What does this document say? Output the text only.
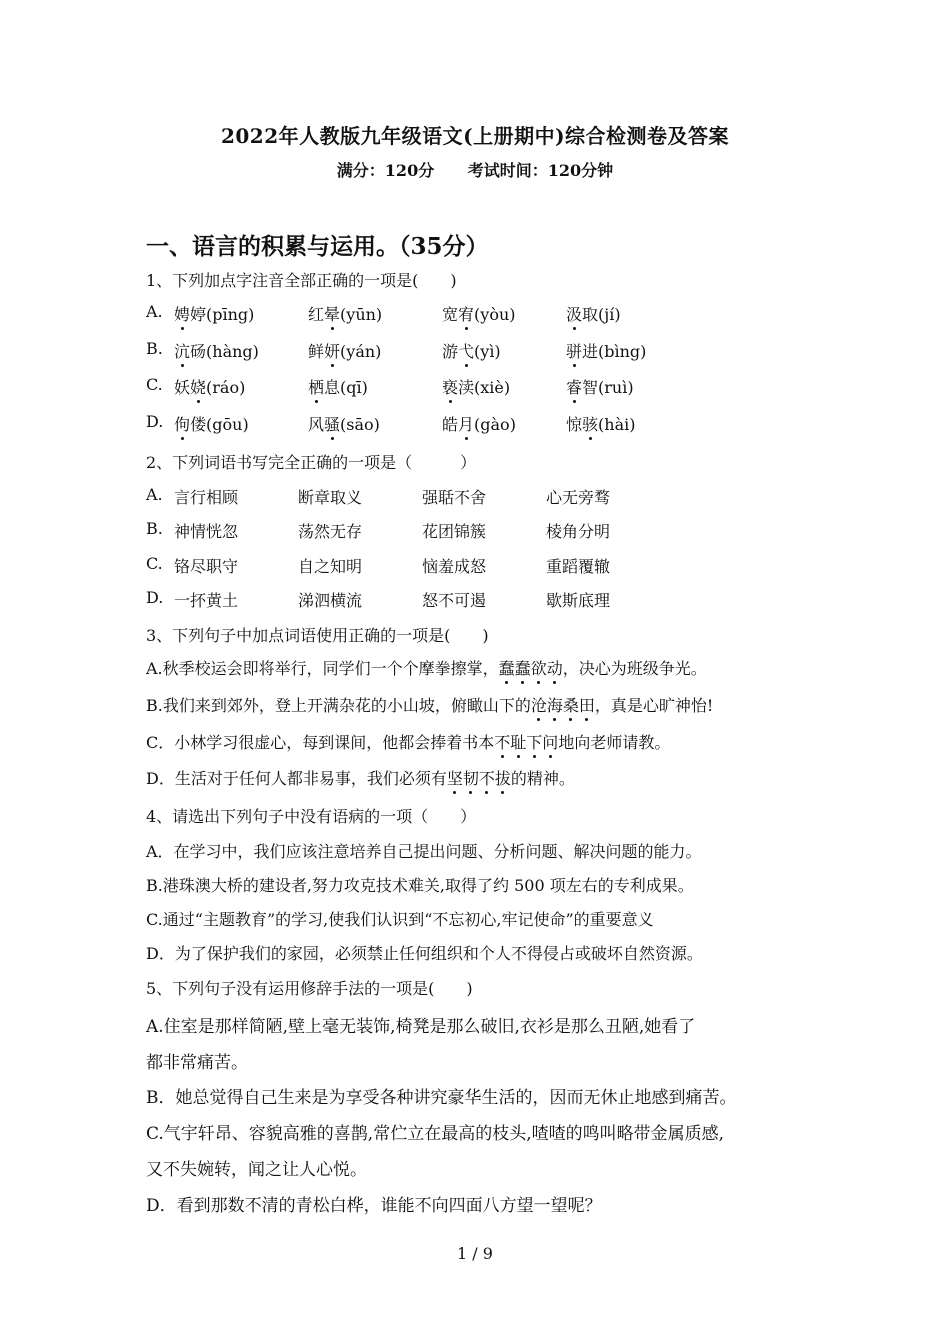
2022年人教版九年级语文(上册期中)综合检测卷及答案
满分：120分 考试时间：120分钟
一、语言的积累与运用。（35分）
1、下列加点字注音全部正确的一项是(　　)
A. 娉婷(pīng)	红晕(yūn)	宽宥(yòu)	汲取(jí)
B. 沆砀(hàng)	鲜妍(yán)	游弋(yì)	骈进(bìng)
C. 妖娆(ráo)	栖息(qī)	亵渎(xiè)	睿智(ruì)
D. 佝偻(gōu)	风骚(sāo)	皓月(gào)	惊骇(hài)
2、下列词语书写完全正确的一项是（　　　）
A. 言行相顾	断章取义	强聒不舍	心无旁骛
B. 神情恍忽	荡然无存	花团锦簇	棱角分明
C. 铬尽职守	自之知明	恼羞成怒	重蹈覆辙
D. 一抔黄土	涕泗横流	怒不可遏	歇斯底理
3、下列句子中加点词语使用正确的一项是(　　)
A.秋季校运会即将举行，同学们一个个摩拳擦掌，蠢蠢欲动，决心为班级争光。
B.我们来到郊外，登上开满杂花的小山坡，俯瞰山下的沧海桑田，真是心旷神怡!
C．小林学习很虚心，每到课间，他都会捧着书本不耻下问地向老师请教。
D．生活对于任何人都非易事，我们必须有坚韧不拔的精神。
4、请选出下列句子中没有语病的一项（　　）
A．在学习中，我们应该注意培养自己提出问题、分析问题、解决问题的能力。
B.港珠澳大桥的建设者,努力攻克技术难关,取得了约 500 项左右的专利成果。
C.通过“主题教育”的学习,使我们认识到“不忘初心,牢记使命”的重要意义
D．为了保护我们的家园，必须禁止任何组织和个人不得侵占或破坏自然资源。
5、下列句子没有运用修辞手法的一项是(　　)
A.住室是那样简陋,壁上毫无装饰,椅凳是那么破旧,衣衫是那么丑陋,她看了
都非常痛苦。
B．她总觉得自己生来是为享受各种讲究豪华生活的，因而无休止地感到痛苦。
C.气宇轩昂、容貌高雅的喜鹊,常伫立在最高的枝头,喳喳的鸣叫略带金属质感,
又不失婉转，闻之让人心悦。
D．看到那数不清的青松白桦，谁能不向四面八方望一望呢？
1 / 9
